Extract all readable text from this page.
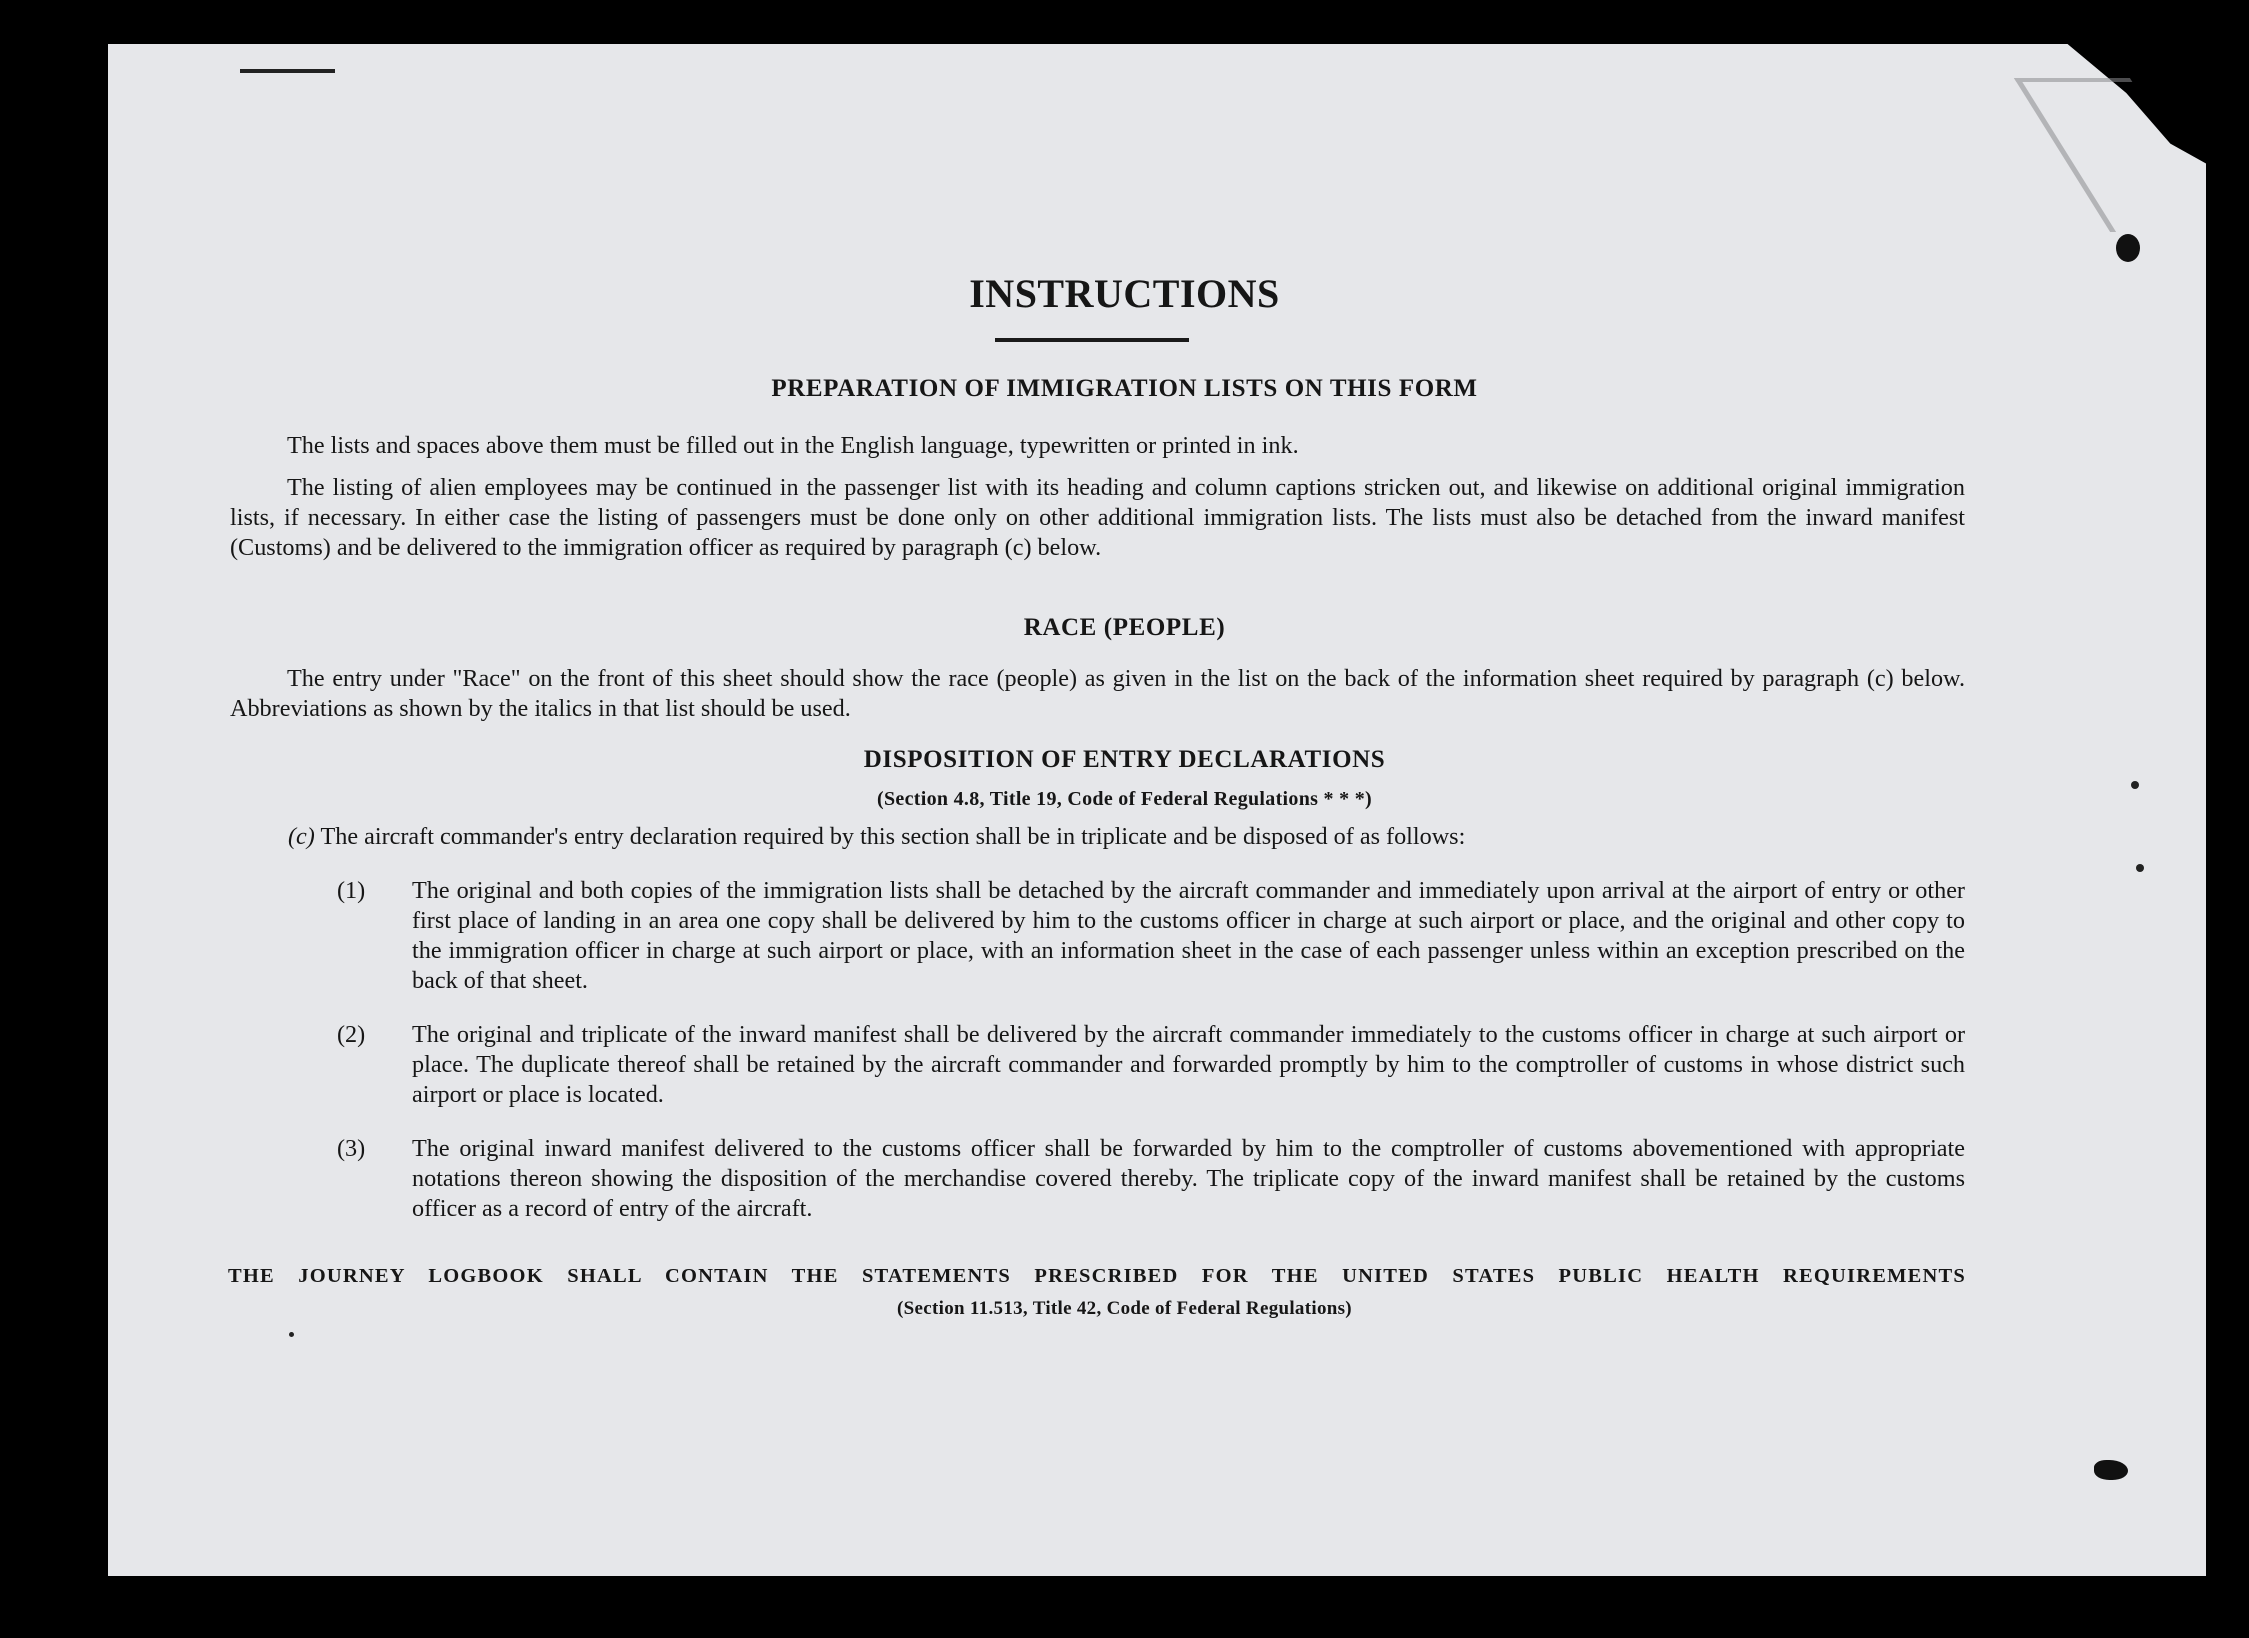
INSTRUCTIONS
PREPARATION OF IMMIGRATION LISTS ON THIS FORM

The lists and spaces above them must be filled out in the English language, typewritten or printed in ink.

The listing of alien employees may be continued in the passenger list with its heading and column captions stricken out, and likewise on additional original immigration lists, if necessary. In either case the listing of passengers must be done only on other additional immigration lists. The lists must also be detached from the inward manifest (Customs) and be delivered to the immigration officer as required by paragraph (c) below.

RACE (PEOPLE)

The entry under "Race" on the front of this sheet should show the race (people) as given in the list on the back of the information sheet required by paragraph (c) below. Abbreviations as shown by the italics in that list should be used.

DISPOSITION OF ENTRY DECLARATIONS
(Section 4.8, Title 19, Code of Federal Regulations * * *)

(c) The aircraft commander's entry declaration required by this section shall be in triplicate and be disposed of as follows:

(1) The original and both copies of the immigration lists shall be detached by the aircraft commander and immediately upon arrival at the airport of entry or other first place of landing in an area one copy shall be delivered by him to the customs officer in charge at such airport or place, and the original and other copy to the immigration officer in charge at such airport or place, with an information sheet in the case of each passenger unless within an exception prescribed on the back of that sheet.
(2) The original and triplicate of the inward manifest shall be delivered by the aircraft commander immediately to the customs officer in charge at such airport or place. The duplicate thereof shall be retained by the aircraft commander and forwarded promptly by him to the comptroller of customs in whose district such airport or place is located.
(3) The original inward manifest delivered to the customs officer shall be forwarded by him to the comptroller of customs abovementioned with appropriate notations thereon showing the disposition of the merchandise covered thereby. The triplicate copy of the inward manifest shall be retained by the customs officer as a record of entry of the aircraft.
THE JOURNEY LOGBOOK SHALL CONTAIN THE STATEMENTS PRESCRIBED FOR THE UNITED STATES PUBLIC HEALTH REQUIREMENTS
(Section 11.513, Title 42, Code of Federal Regulations)
